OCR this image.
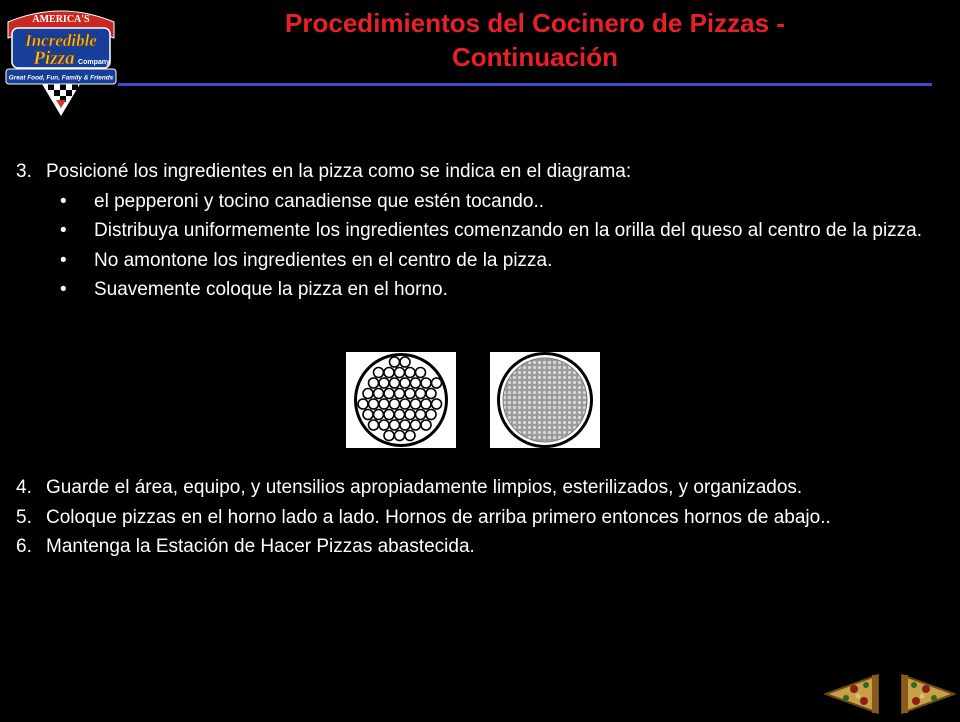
AMERICA'S
Incredible
Pizza Company
Great Food, Fun, Family & Friends
Procedimientos del Cocinero de Pizzas -
Continuación
3. Posicioné los ingredientes en la pizza como se indica en el diagrama:
•	el pepperoni y tocino canadiense que estén tocando..
•	Distribuya uniformemente los ingredientes comenzando en la orilla del queso al centro de la pizza.
•	No amontone los ingredientes en el centro de la pizza.
•	Suavemente coloque la pizza en el horno.
4. Guarde el área, equipo, y utensilios apropiadamente limpios, esterilizados, y organizados.
5. Coloque pizzas en el horno lado a lado. Hornos de arriba primero entonces hornos de abajo..
6. Mantenga la Estación de Hacer Pizzas abastecida.
